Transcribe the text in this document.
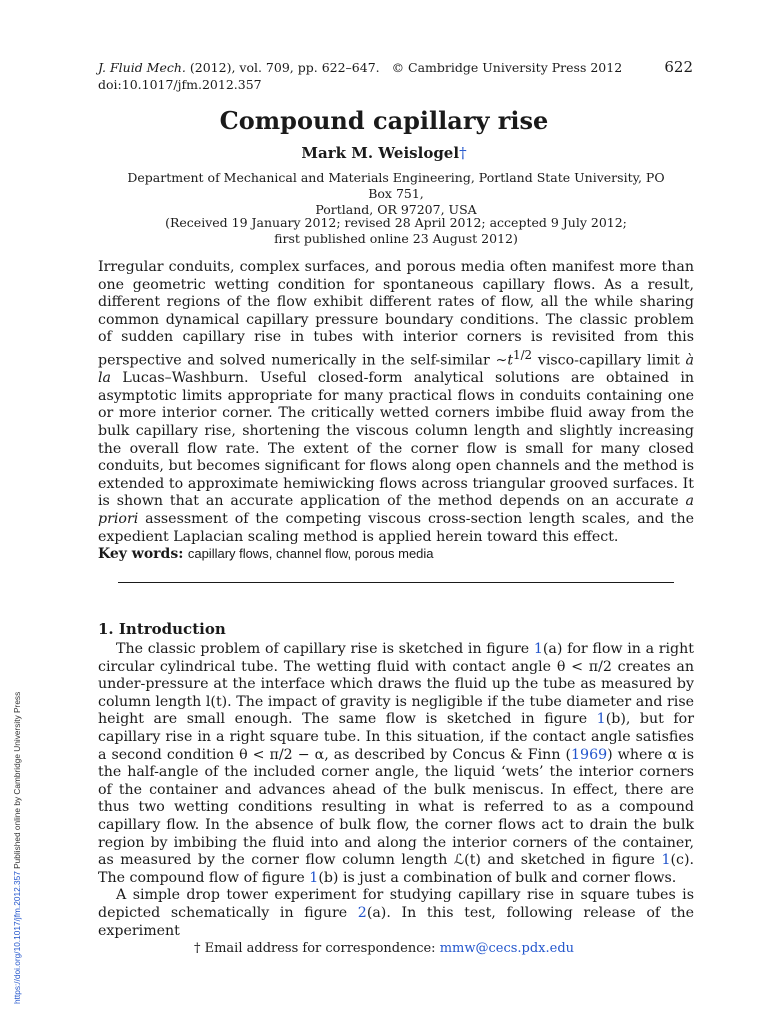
J. Fluid Mech. (2012), vol. 709, pp. 622–647. © Cambridge University Press 2012
doi:10.1017/jfm.2012.357
622
Compound capillary rise
Mark M. Weislogel†
Department of Mechanical and Materials Engineering, Portland State University, PO Box 751,
Portland, OR 97207, USA
(Received 19 January 2012; revised 28 April 2012; accepted 9 July 2012;
first published online 23 August 2012)

Irregular conduits, complex surfaces, and porous media often manifest more than one geometric wetting condition for spontaneous capillary flows. As a result, different regions of the flow exhibit different rates of flow, all the while sharing common dynamical capillary pressure boundary conditions. The classic problem of sudden capillary rise in tubes with interior corners is revisited from this perspective and solved numerically in the self-similar $\sim t^{1/2}$ visco-capillary limit à la Lucas–Washburn. Useful closed-form analytical solutions are obtained in asymptotic limits appropriate for many practical flows in conduits containing one or more interior corner. The critically wetted corners imbibe fluid away from the bulk capillary rise, shortening the viscous column length and slightly increasing the overall flow rate. The extent of the corner flow is small for many closed conduits, but becomes significant for flows along open channels and the method is extended to approximate hemiwicking flows across triangular grooved surfaces. It is shown that an accurate application of the method depends on an accurate a priori assessment of the competing viscous cross-section length scales, and the expedient Laplacian scaling method is applied herein toward this effect.

Key words: capillary flows, channel flow, porous media
1. Introduction

The classic problem of capillary rise is sketched in figure 1(a) for flow in a right circular cylindrical tube. The wetting fluid with contact angle θ < π/2 creates an under-pressure at the interface which draws the fluid up the tube as measured by column length l(t). The impact of gravity is negligible if the tube diameter and rise height are small enough. The same flow is sketched in figure 1(b), but for capillary rise in a right square tube. In this situation, if the contact angle satisfies a second condition θ < π/2 − α, as described by Concus & Finn (1969) where α is the half-angle of the included corner angle, the liquid ‘wets’ the interior corners of the container and advances ahead of the bulk meniscus. In effect, there are thus two wetting conditions resulting in what is referred to as a compound capillary flow. In the absence of bulk flow, the corner flows act to drain the bulk region by imbibing the fluid into and along the interior corners of the container, as measured by the corner flow column length ℒ(t) and sketched in figure 1(c). The compound flow of figure 1(b) is just a combination of bulk and corner flows.

A simple drop tower experiment for studying capillary rise in square tubes is depicted schematically in figure 2(a). In this test, following release of the experiment

† Email address for correspondence: mmw@cecs.pdx.edu
https://doi.org/10.1017/jfm.2012.357 Published online by Cambridge University Press
